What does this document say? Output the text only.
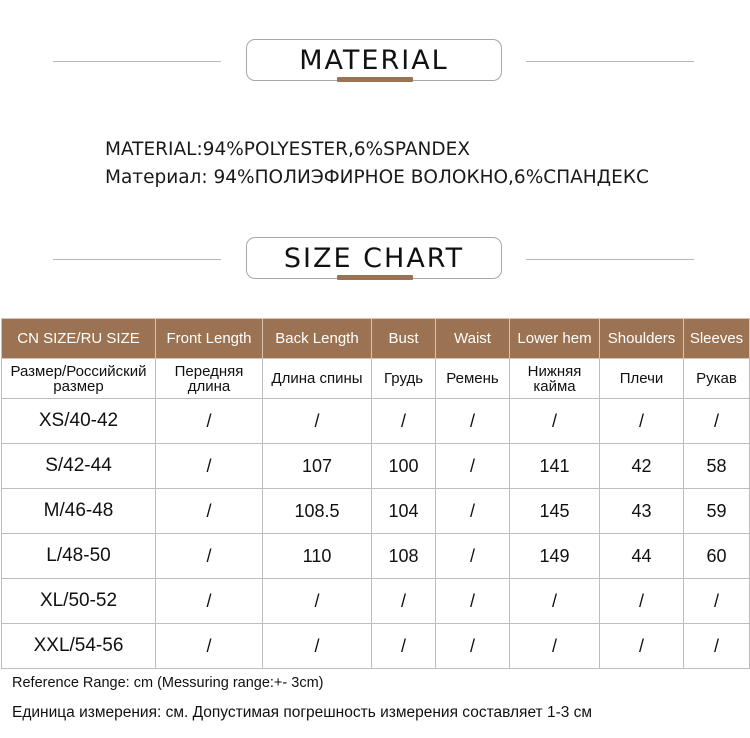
MATERIAL
MATERIAL:94%POLYESTER,6%SPANDEX
Материал: 94%ПОЛИЭФИРНОЕ ВОЛОКНО,6%СПАНДЕКС
SIZE CHART
CN SIZE/RU SIZE	Front Length	Back Length	Bust	Waist	Lower hem	Shoulders	Sleeves

Размер/Российский размер	Передняя длина	Длина спины	Грудь	Ремень	Нижняя кайма	Плечи	Рукав

XS/40-42	/	/	/	/	/	/	/
S/42-44	/	107	100	/	141	42	58
M/46-48	/	108.5	104	/	145	43	59
L/48-50	/	110	108	/	149	44	60
XL/50-52	/	/	/	/	/	/	/
XXL/54-56	/	/	/	/	/	/	/
Reference Range: cm (Messuring range:+- 3cm)
Единица измерения: см. Допустимая погрешность измерения составляет 1-3 см
